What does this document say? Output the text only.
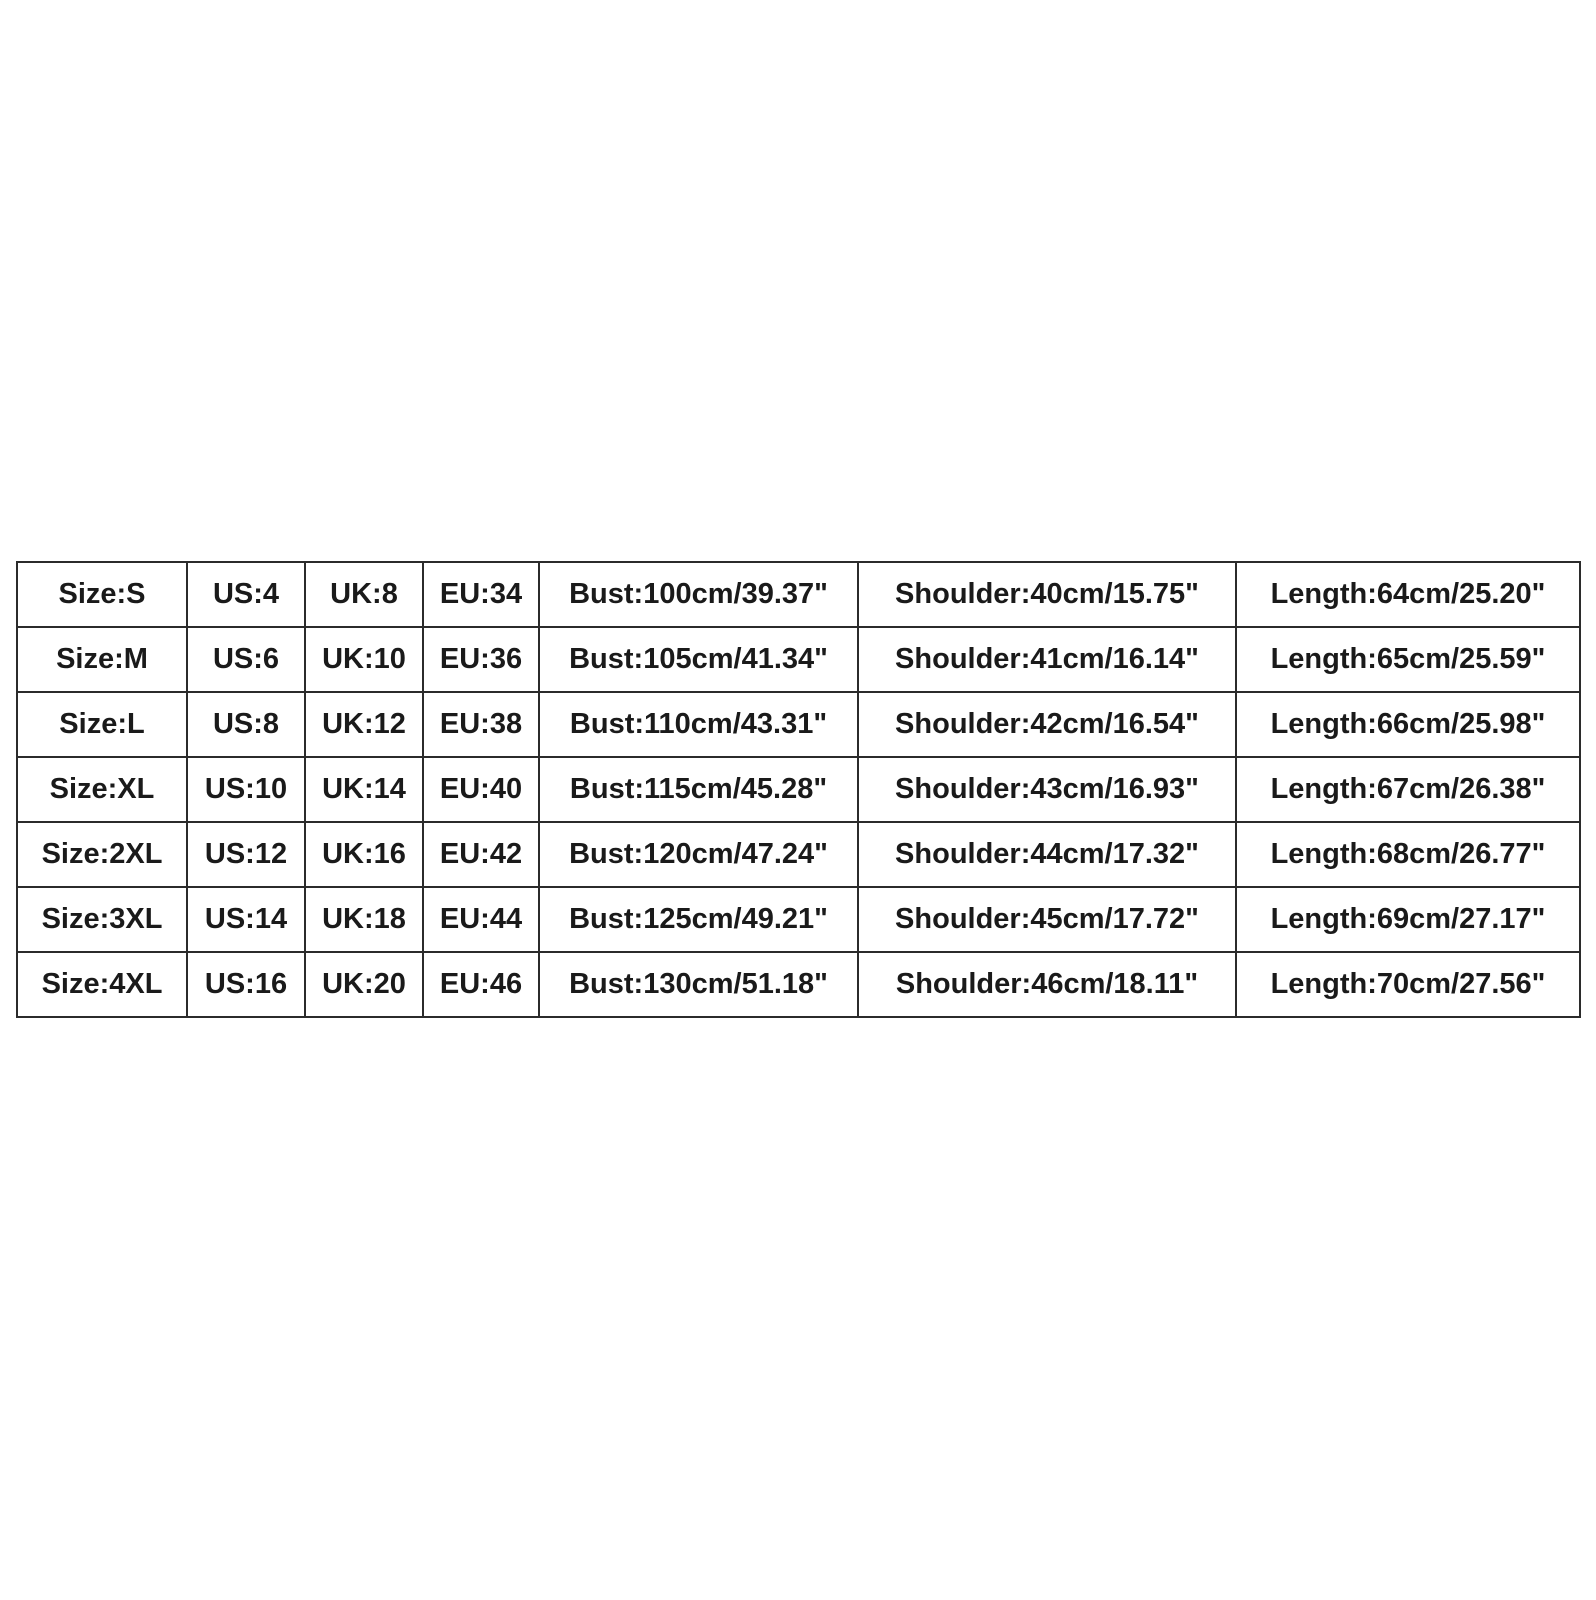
Size:S	US:4	UK:8	EU:34	Bust:100cm/39.37"	Shoulder:40cm/15.75"	Length:64cm/25.20"
Size:M	US:6	UK:10	EU:36	Bust:105cm/41.34"	Shoulder:41cm/16.14"	Length:65cm/25.59"
Size:L	US:8	UK:12	EU:38	Bust:110cm/43.31"	Shoulder:42cm/16.54"	Length:66cm/25.98"
Size:XL	US:10	UK:14	EU:40	Bust:115cm/45.28"	Shoulder:43cm/16.93"	Length:67cm/26.38"
Size:2XL	US:12	UK:16	EU:42	Bust:120cm/47.24"	Shoulder:44cm/17.32"	Length:68cm/26.77"
Size:3XL	US:14	UK:18	EU:44	Bust:125cm/49.21"	Shoulder:45cm/17.72"	Length:69cm/27.17"
Size:4XL	US:16	UK:20	EU:46	Bust:130cm/51.18"	Shoulder:46cm/18.11"	Length:70cm/27.56"
